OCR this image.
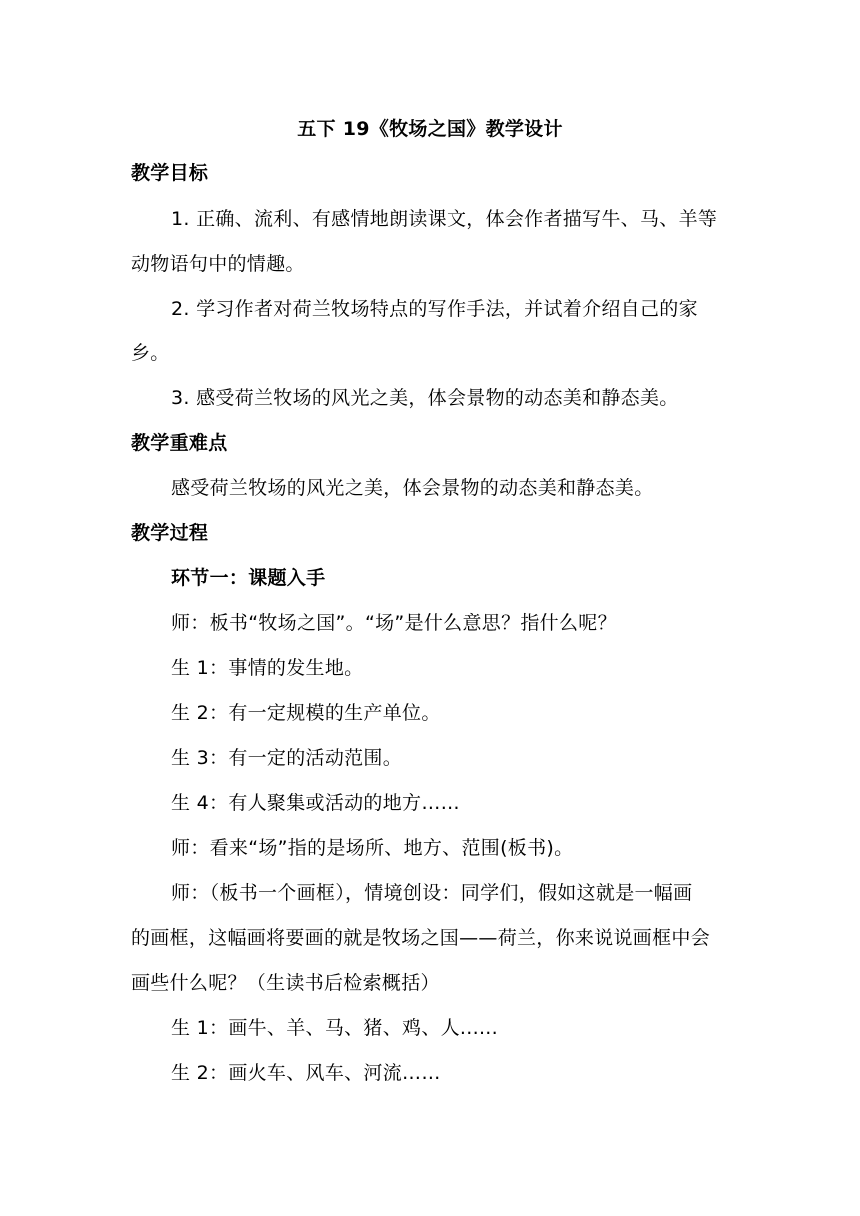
五下 19《牧场之国》教学设计
教学目标
1. 正确、流利、有感情地朗读课文，体会作者描写牛、马、羊等
动物语句中的情趣。
2. 学习作者对荷兰牧场特点的写作手法，并试着介绍自己的家
乡。
3. 感受荷兰牧场的风光之美，体会景物的动态美和静态美。
教学重难点
感受荷兰牧场的风光之美，体会景物的动态美和静态美。
教学过程
环节一：课题入手
师：板书“牧场之国”。“场”是什么意思？指什么呢？
生 1：事情的发生地。
生 2：有一定规模的生产单位。
生 3：有一定的活动范围。
生 4：有人聚集或活动的地方……
师：看来“场”指的是场所、地方、范围(板书)。
师：（板书一个画框），情境创设：同学们，假如这就是一幅画
的画框，这幅画将要画的就是牧场之国——荷兰，你来说说画框中会
画些什么呢？（生读书后检索概括）
生 1：画牛、羊、马、猪、鸡、人......
生 2：画火车、风车、河流……
